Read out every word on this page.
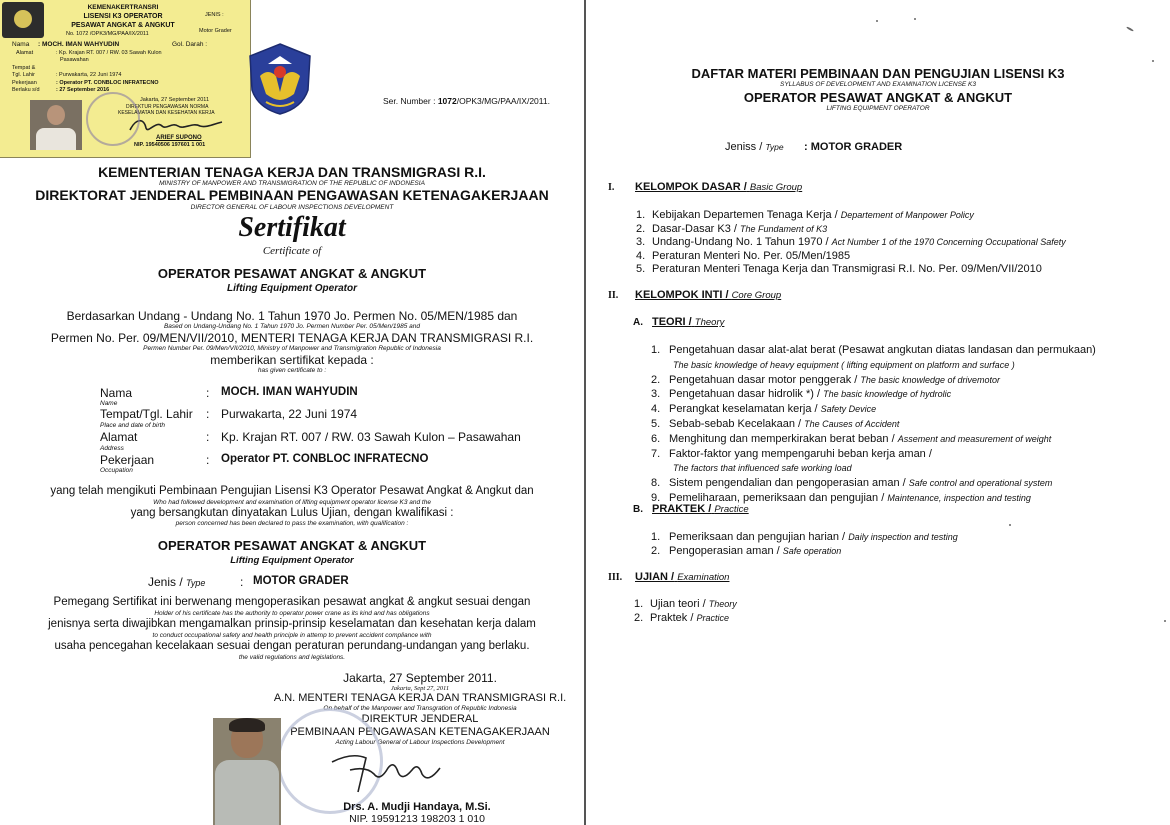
KEMENAKERTRANSRI
LISENSI K3 OPERATOR
PESAWAT ANGKAT & ANGKUT
No. 1072 /OPK3/MG/PAA/IX/2011
JENIS :
Motor Grader
Nama : MOCH. IMAN WAHYUDIN	Gol. Darah :
Alamat	: Kp. Krajan RT. 007 / RW. 03 Sawah Kulon
Pasawahan
Tempat &
Tgl. Lahir	: Purwakarta, 22 Juni 1974
Pekerjaan	: Operator PT. CONBLOC INFRATECNO
Berlaku s/d	: 27 September 2016
Jakarta, 27 September 2011
DIREKTUR PENGAWASAN NORMA
KESELAMATAN DAN KESEHATAN KERJA
ARIEF SUPONO
NIP. 19540506 197601 1 001
Ser. Number : 1072/OPK3/MG/PAA/IX/2011.
KEMENTERIAN TENAGA KERJA DAN TRANSMIGRASI R.I.
MINISTRY OF MANPOWER AND TRANSMIGRATION OF THE REPUBLIC OF INDONESIA
DIREKTORAT JENDERAL PEMBINAAN PENGAWASAN KETENAGAKERJAAN
DIRECTOR GENERAL OF LABOUR INSPECTIONS DEVELOPMENT
Sertifikat
Certificate of
OPERATOR PESAWAT ANGKAT & ANGKUT
Lifting Equipment Operator
Berdasarkan Undang - Undang No. 1 Tahun 1970 Jo. Permen No. 05/MEN/1985 dan
Based on Undang-Undang No. 1 Tahun 1970 Jo. Permen Number Per. 05/Men/1985 and
Permen No. Per. 09/MEN/VII/2010, MENTERI TENAGA KERJA DAN TRANSMIGRASI R.I.
Permen Number Per. 09/Men/VII/2010, Ministry of Manpower and Transmigration Republic of Indonesia
memberikan sertifikat kepada :
has given certificate to :
Nama
Name
: MOCH. IMAN WAHYUDIN
Tempat/Tgl. Lahir
Place and date of birth
: Purwakarta, 22 Juni 1974
Alamat
Address
: Kp. Krajan RT. 007 / RW. 03 Sawah Kulon – Pasawahan
Pekerjaan
Occupation
: Operator PT. CONBLOC INFRATECNO
yang telah mengikuti Pembinaan Pengujian Lisensi K3 Operator Pesawat Angkat & Angkut dan
Who had followed development and examination of lifting equipment operator license K3 and the
yang bersangkutan dinyatakan Lulus Ujian, dengan kwalifikasi :
person concerned has been declared to pass the examination, with qualification :
OPERATOR PESAWAT ANGKAT & ANGKUT
Lifting Equipment Operator
Jenis / Type	: MOTOR GRADER
Pemegang Sertifikat ini berwenang mengoperasikan pesawat angkat & angkut sesuai dengan
Holder of his certificate has the authority to operator power crane as its kind and has obligations
jenisnya serta diwajibkan mengamalkan prinsip-prinsip keselamatan dan kesehatan kerja dalam
to conduct occupational safety and health principle in attemp to prevent accident compliance with
usaha pencegahan kecelakaan sesuai dengan peraturan perundang-undangan yang berlaku.
the valid regulations and legislations.
Jakarta, 27 September 2011.
Jakarta, Sept 27, 2011
A.N. MENTERI TENAGA KERJA DAN TRANSMIGRASI R.I.
On behalf of the Manpower and Transgration of Republic Indonesia
DIREKTUR JENDERAL
PEMBINAAN PENGAWASAN KETENAGAKERJAAN
Acting Labour General of Labour Inspections Development
Drs. A. Mudji Handaya, M.Si.
NIP. 19591213 198203 1 010
DAFTAR MATERI PEMBINAAN DAN PENGUJIAN LISENSI K3
SYLLABUS OF DEVELOPMENT AND EXAMINATION LICENSE K3
OPERATOR PESAWAT ANGKAT & ANGKUT
LIFTING EQUIPMENT OPERATOR
Jeniss / Type : MOTOR GRADER
I. KELOMPOK DASAR / Basic Group
1. Kebijakan Departemen Tenaga Kerja / Departement of Manpower Policy
2. Dasar-Dasar K3 / The Fundament of K3
3. Undang-Undang No. 1 Tahun 1970 / Act Number 1 of the 1970 Concerning Occupational Safety
4. Peraturan Menteri No. Per. 05/Men/1985
5. Peraturan Menteri Tenaga Kerja dan Transmigrasi R.I. No. Per. 09/Men/VII/2010
II. KELOMPOK INTI / Core Group
A. TEORI / Theory
1. Pengetahuan dasar alat-alat berat (Pesawat angkutan diatas landasan dan permukaan)
The basic knowledge of heavy equipment ( lifting equipment on platform and surface )
2. Pengetahuan dasar motor penggerak / The basic knowledge of drivemotor
3. Pengetahuan dasar hidrolik *) / The basic knowledge of hydrolic
4. Perangkat keselamatan kerja / Safety Device
5. Sebab-sebab Kecelakaan / The Causes of Accident
6. Menghitung dan memperkirakan berat beban / Assement and measurement of weight
7. Faktor-faktor yang mempengaruhi beban kerja aman /
The factors that influenced safe working load
8. Sistem pengendalian dan pengoperasian aman / Safe control and operational system
9. Pemeliharaan, pemeriksaan dan pengujian / Maintenance, inspection and testing
B. PRAKTEK / Practice
1. Pemeriksaan dan pengujian harian / Daily inspection and testing
2. Pengoperasian aman / Safe operation
III. UJIAN / Examination
1. Ujian teori / Theory
2. Praktek / Practice
